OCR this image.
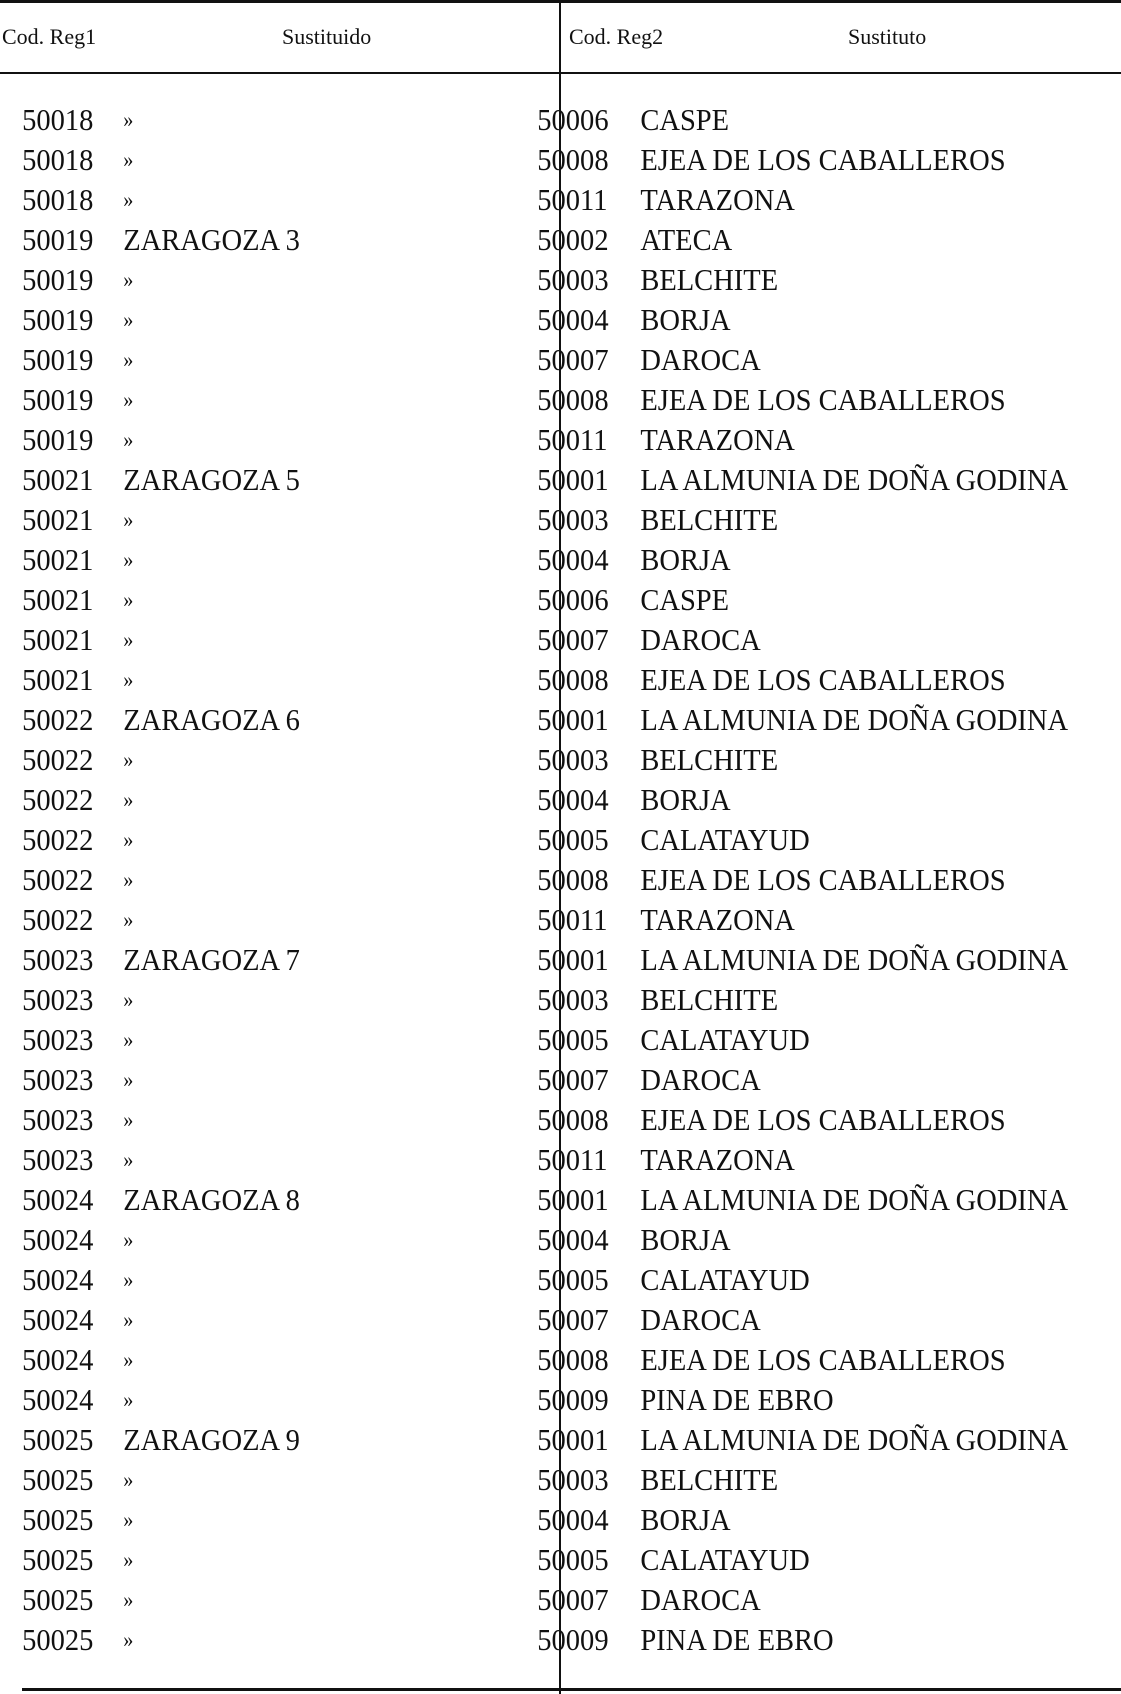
Cod. Reg1	Sustituido	Cod. Reg2	Sustituto
50018 »	50006 CASPE
50018 »	50008 EJEA DE LOS CABALLEROS
50018 »	50011 TARAZONA
50019 ZARAGOZA 3	50002 ATECA
50019 »	50003 BELCHITE
50019 »	50004 BORJA
50019 »	50007 DAROCA
50019 »	50008 EJEA DE LOS CABALLEROS
50019 »	50011 TARAZONA
50021 ZARAGOZA 5	50001 LA ALMUNIA DE DOÑA GODINA
50021 »	50003 BELCHITE
50021 »	50004 BORJA
50021 »	50006 CASPE
50021 »	50007 DAROCA
50021 »	50008 EJEA DE LOS CABALLEROS
50022 ZARAGOZA 6	50001 LA ALMUNIA DE DOÑA GODINA
50022 »	50003 BELCHITE
50022 »	50004 BORJA
50022 »	50005 CALATAYUD
50022 »	50008 EJEA DE LOS CABALLEROS
50022 »	50011 TARAZONA
50023 ZARAGOZA 7	50001 LA ALMUNIA DE DOÑA GODINA
50023 »	50003 BELCHITE
50023 »	50005 CALATAYUD
50023 »	50007 DAROCA
50023 »	50008 EJEA DE LOS CABALLEROS
50023 »	50011 TARAZONA
50024 ZARAGOZA 8	50001 LA ALMUNIA DE DOÑA GODINA
50024 »	50004 BORJA
50024 »	50005 CALATAYUD
50024 »	50007 DAROCA
50024 »	50008 EJEA DE LOS CABALLEROS
50024 »	50009 PINA DE EBRO
50025 ZARAGOZA 9	50001 LA ALMUNIA DE DOÑA GODINA
50025 »	50003 BELCHITE
50025 »	50004 BORJA
50025 »	50005 CALATAYUD
50025 »	50007 DAROCA
50025 »	50009 PINA DE EBRO
